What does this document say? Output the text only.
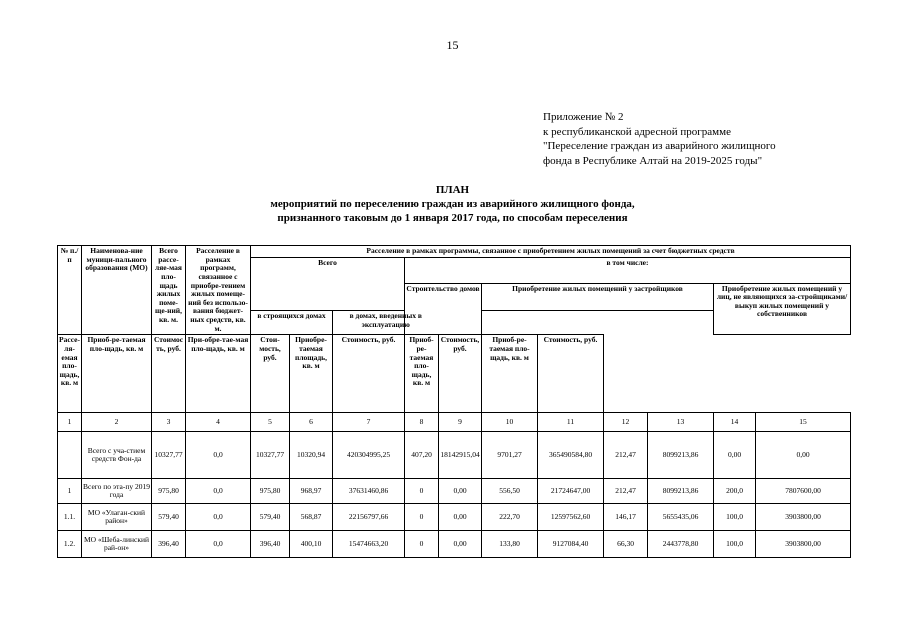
15
Приложение № 2
к республиканской адресной программе
"Переселение граждан из аварийного жилищного
фонда в Республике Алтай на 2019-2025 годы"
ПЛАН
мероприятий по переселению граждан из аварийного жилищного фонда,
признанного таковым до 1 января 2017 года, по способам переселения
№ п./п	Наименова-ние муници-пального образования (МО)	Всего рассе-ляе-мая пло-щадь жилых поме-ще-ний, кв. м.	Расселение в рамках программ, связанное с приобре-тением жилых помеще-ний без использо-вания бюджет-ных средств, кв. м.	Расселение в рамках программы, связанное с приобретением жилых помещений за счет бюджетных средств										
				Всего			в том числе:							
							Строительство домов		Приобретение жилых помещений у застройщиков				Приобретение жилых помещений у лиц, не являющихся за-стройщиками/выкуп жилых помещений у собственников	
				в строящихся домах		в домах, введенных в эксплуатацию								
Рассе-ля-емая пло-щадь, кв. м	Приоб-ре-таемая пло-щадь, кв. м	Стоимость, руб.	При-обре-тае-мая пло-щадь, кв. м	Стои-мость, руб.	Приобре-таемая площадь, кв. м	Стоимость, руб.	Приоб-ре-таемая пло-щадь, кв. м	Стоимость, руб.	Приоб-ре-таемая пло-щадь, кв. м	Стоимость, руб.				
1	2	3	4	5	6	7	8	9	10	11	12	13	14	15
	Всего с уча-стием средств Фон-да	10327,77	0,0	10327,77	10320,94	420304995,25	407,20	18142915,04	9701,27	365490584,80	212,47	8099213,86	0,00	0,00
1	Всего по эта-пу 2019 года	975,80	0,0	975,80	968,97	37631460,86	0	0,00	556,50	21724647,00	212,47	8099213,86	200,0	7807600,00
1.1.	МО «Улаган-ский район»	579,40	0,0	579,40	568,87	22156797,66	0	0,00	222,70	12597562,60	146,17	5655435,06	100,0	3903800,00
1.2.	МО «Шеба-линский рай-он»	396,40	0,0	396,40	400,10	15474663,20	0	0,00	133,80	9127084,40	66,30	2443778,80	100,0	3903800,00
